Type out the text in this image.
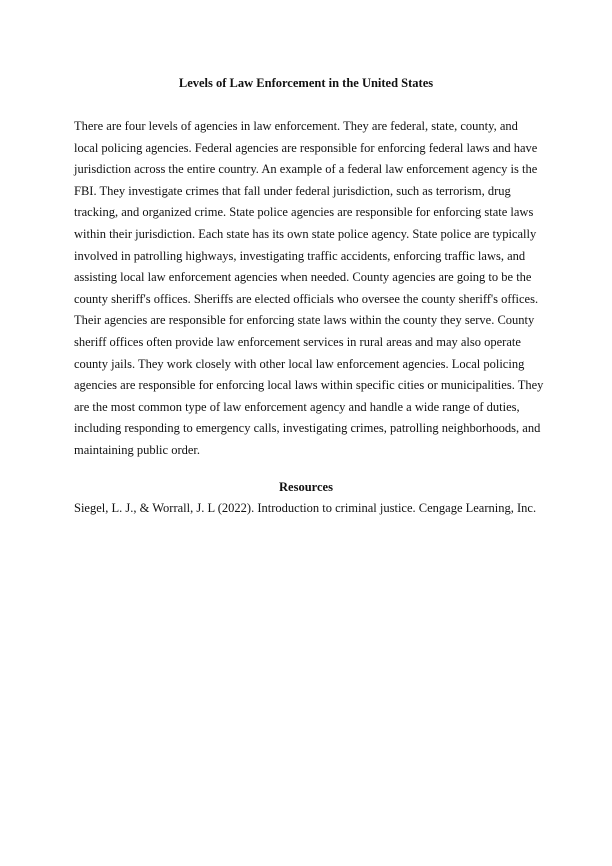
Levels of Law Enforcement in the United States

There are four levels of agencies in law enforcement. They are federal, state, county, and
local policing agencies. Federal agencies are responsible for enforcing federal laws and have
jurisdiction across the entire country. An example of a federal law enforcement agency is the
FBI. They investigate crimes that fall under federal jurisdiction, such as terrorism, drug
tracking, and organized crime. State police agencies are responsible for enforcing state laws
within their jurisdiction. Each state has its own state police agency. State police are typically
involved in patrolling highways, investigating traffic accidents, enforcing traffic laws, and
assisting local law enforcement agencies when needed. County agencies are going to be the
county sheriff's offices. Sheriffs are elected officials who oversee the county sheriff's offices.
Their agencies are responsible for enforcing state laws within the county they serve. County
sheriff offices often provide law enforcement services in rural areas and may also operate
county jails. They work closely with other local law enforcement agencies. Local policing
agencies are responsible for enforcing local laws within specific cities or municipalities. They
are the most common type of law enforcement agency and handle a wide range of duties,
including responding to emergency calls, investigating crimes, patrolling neighborhoods, and
maintaining public order.

Resources
Siegel, L. J., & Worrall, J. L (2022). Introduction to criminal justice. Cengage Learning, Inc.
